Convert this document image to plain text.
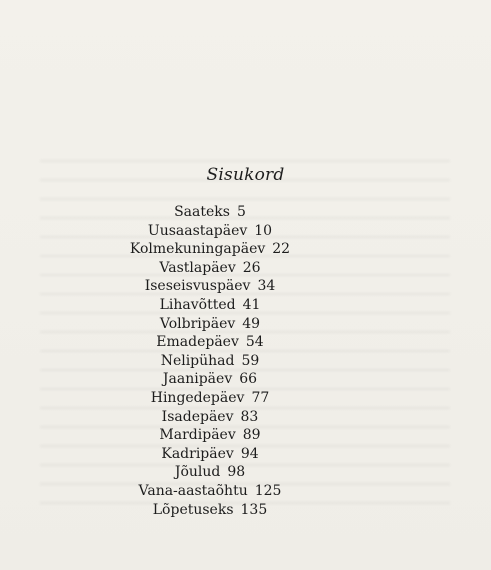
Sisukord
Saateks 5
Uusaastapäev 10
Kolmekuningapäev 22
Vastlapäev 26
Iseseisvuspäev 34
Lihavõtted 41
Volbripäev 49
Emadepäev 54
Nelipühad 59
Jaanipäev 66
Hingedepäev 77
Isadepäev 83
Mardipäev 89
Kadripäev 94
Jõulud 98
Vana-aastaõhtu 125
Lõpetuseks 135
